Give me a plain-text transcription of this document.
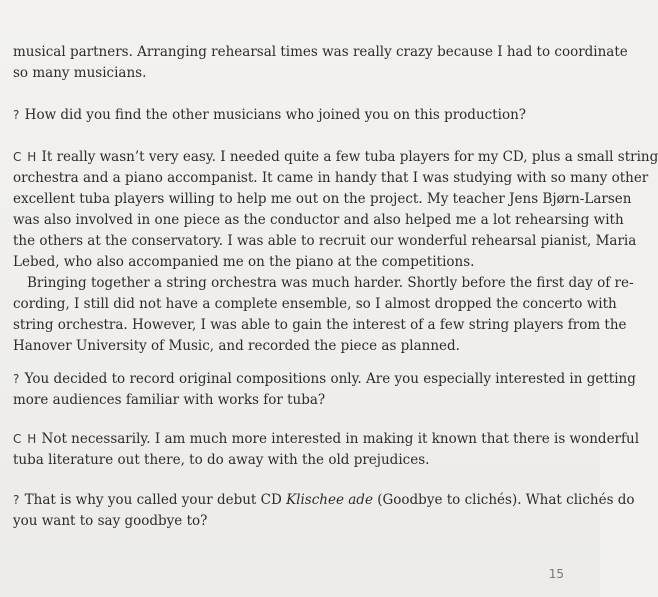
musical partners. Arranging rehearsal times was really crazy because I had to coordinate
so many musicians.
? How did you find the other musicians who joined you on this production?
C H It really wasn’t very easy. I needed quite a few tuba players for my CD, plus a small string
orchestra and a piano accompanist. It came in handy that I was studying with so many other
excellent tuba players willing to help me out on the project. My teacher Jens Bjørn-Larsen
was also involved in one piece as the conductor and also helped me a lot rehearsing with
the others at the conservatory. I was able to recruit our wonderful rehearsal pianist, Maria
Lebed, who also accompanied me on the piano at the competitions.
Bringing together a string orchestra was much harder. Shortly before the first day of re-
cording, I still did not have a complete ensemble, so I almost dropped the concerto with
string orchestra. However, I was able to gain the interest of a few string players from the
Hanover University of Music, and recorded the piece as planned.
? You decided to record original compositions only. Are you especially interested in getting
more audiences familiar with works for tuba?
C H Not necessarily. I am much more interested in making it known that there is wonderful
tuba literature out there, to do away with the old prejudices.
? That is why you called your debut CD Klischee ade (Goodbye to clichés). What clichés do
you want to say goodbye to?
15
